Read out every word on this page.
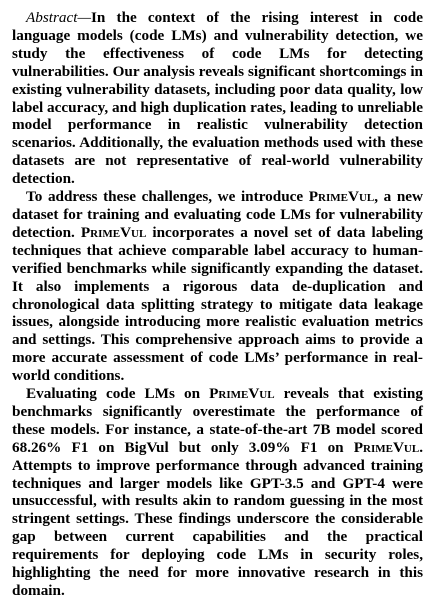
Abstract—In the context of the rising interest in code language models (code LMs) and vulnerability detection, we study the effectiveness of code LMs for detecting vulnerabilities. Our analysis reveals significant shortcomings in existing vulnerability datasets, including poor data quality, low label accuracy, and high duplication rates, leading to unreliable model performance in realistic vulnerability detection scenarios. Additionally, the evaluation methods used with these datasets are not representative of real-world vulnerability detection.

To address these challenges, we introduce PrimeVul, a new dataset for training and evaluating code LMs for vulnerability detection. PrimeVul incorporates a novel set of data labeling techniques that achieve comparable label accuracy to human-verified benchmarks while significantly expanding the dataset. It also implements a rigorous data de-duplication and chronological data splitting strategy to mitigate data leakage issues, alongside introducing more realistic evaluation metrics and settings. This comprehensive approach aims to provide a more accurate assessment of code LMs’ performance in real-world conditions.

Evaluating code LMs on PrimeVul reveals that existing benchmarks significantly overestimate the performance of these models. For instance, a state-of-the-art 7B model scored 68.26% F1 on BigVul but only 3.09% F1 on PrimeVul. Attempts to improve performance through advanced training techniques and larger models like GPT-3.5 and GPT-4 were unsuccessful, with results akin to random guessing in the most stringent settings. These findings underscore the considerable gap between current capabilities and the practical requirements for deploying code LMs in security roles, highlighting the need for more innovative research in this domain.
